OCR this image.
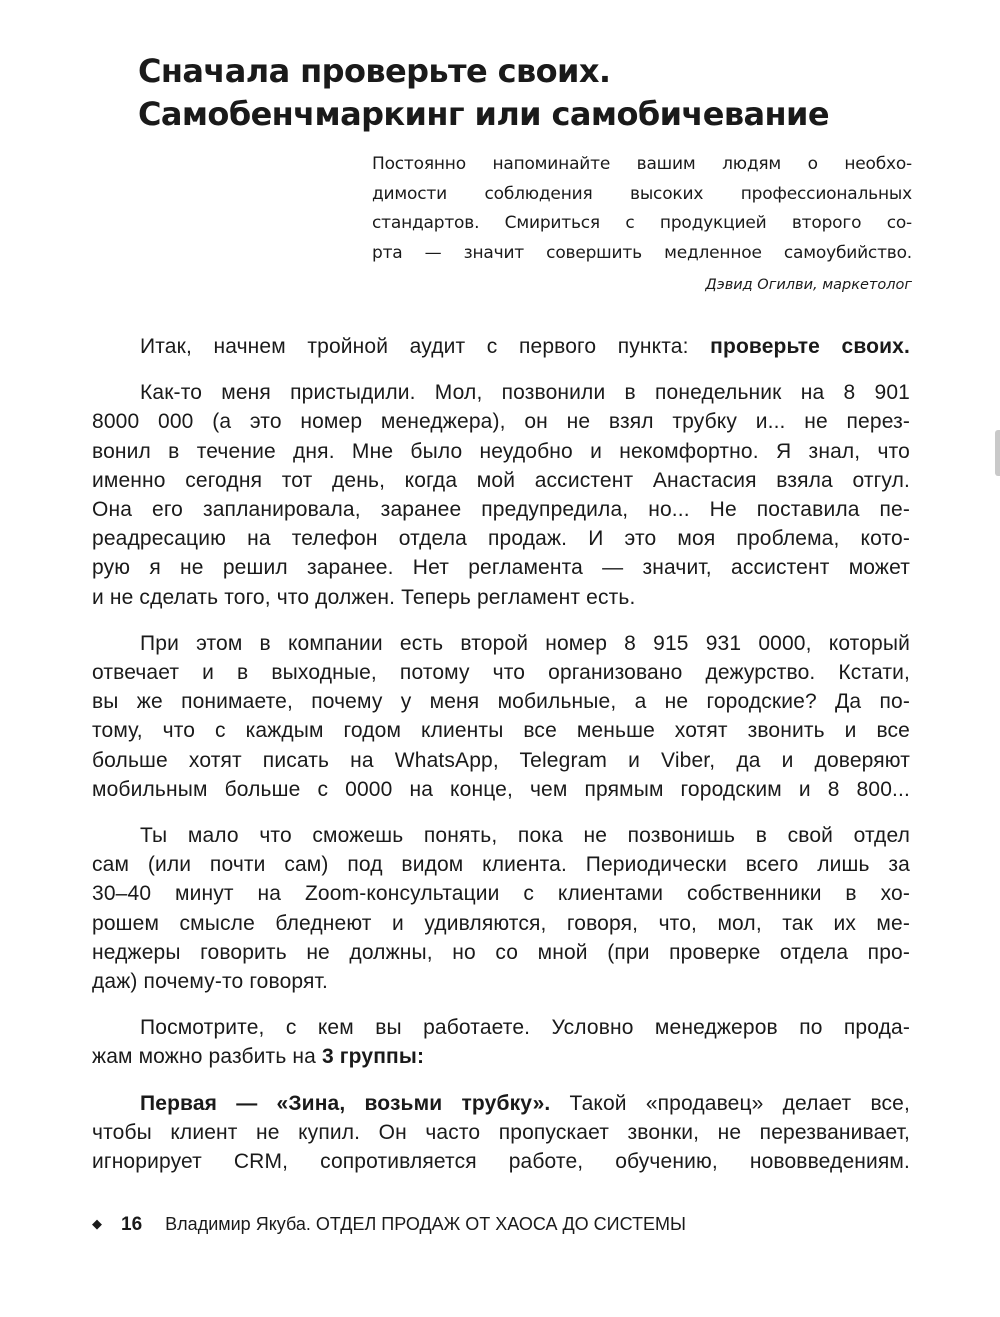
Сначала проверьте своих.
Самобенчмаркинг или самобичевание
Постоянно напоминайте вашим людям о необхо-
димости соблюдения высоких профессиональных
стандартов. Смириться с продукцией второго со-
рта — значит совершить медленное самоубийство.
Дэвид Огилви, маркетолог
Итак, начнем тройной аудит с первого пункта: проверьте своих.
Как-то меня пристыдили. Мол, позвонили в понедельник на 8 901
8000 000 (а это номер менеджера), он не взял трубку и... не перез-
вонил в течение дня. Мне было неудобно и некомфортно. Я знал, что
именно сегодня тот день, когда мой ассистент Анастасия взяла отгул.
Она его запланировала, заранее предупредила, но... Не поставила пе-
реадресацию на телефон отдела продаж. И это моя проблема, кото-
рую я не решил заранее. Нет регламента — значит, ассистент может
и не сделать того, что должен. Теперь регламент есть.
При этом в компании есть второй номер 8 915 931 0000, который
отвечает и в выходные, потому что организовано дежурство. Кстати,
вы же понимаете, почему у меня мобильные, а не городские? Да по-
тому, что с каждым годом клиенты все меньше хотят звонить и все
больше хотят писать на WhatsApp, Telegram и Viber, да и доверяют
мобильным больше с 0000 на конце, чем прямым городским и 8 800...
Ты мало что сможешь понять, пока не позвонишь в свой отдел
сам (или почти сам) под видом клиента. Периодически всего лишь за
30–40 минут на Zoom-консультации с клиентами собственники в хо-
рошем смысле бледнеют и удивляются, говоря, что, мол, так их ме-
неджеры говорить не должны, но со мной (при проверке отдела про-
даж) почему-то говорят.
Посмотрите, с кем вы работаете. Условно менеджеров по прода-
жам можно разбить на 3 группы:
Первая — «Зина, возьми трубку». Такой «продавец» делает все,
чтобы клиент не купил. Он часто пропускает звонки, не перезванивает,
игнорирует CRM, сопротивляется работе, обучению, нововведениям.
◆ 16 Владимир Якуба. ОТДЕЛ ПРОДАЖ ОТ ХАОСА ДО СИСТЕМЫ
